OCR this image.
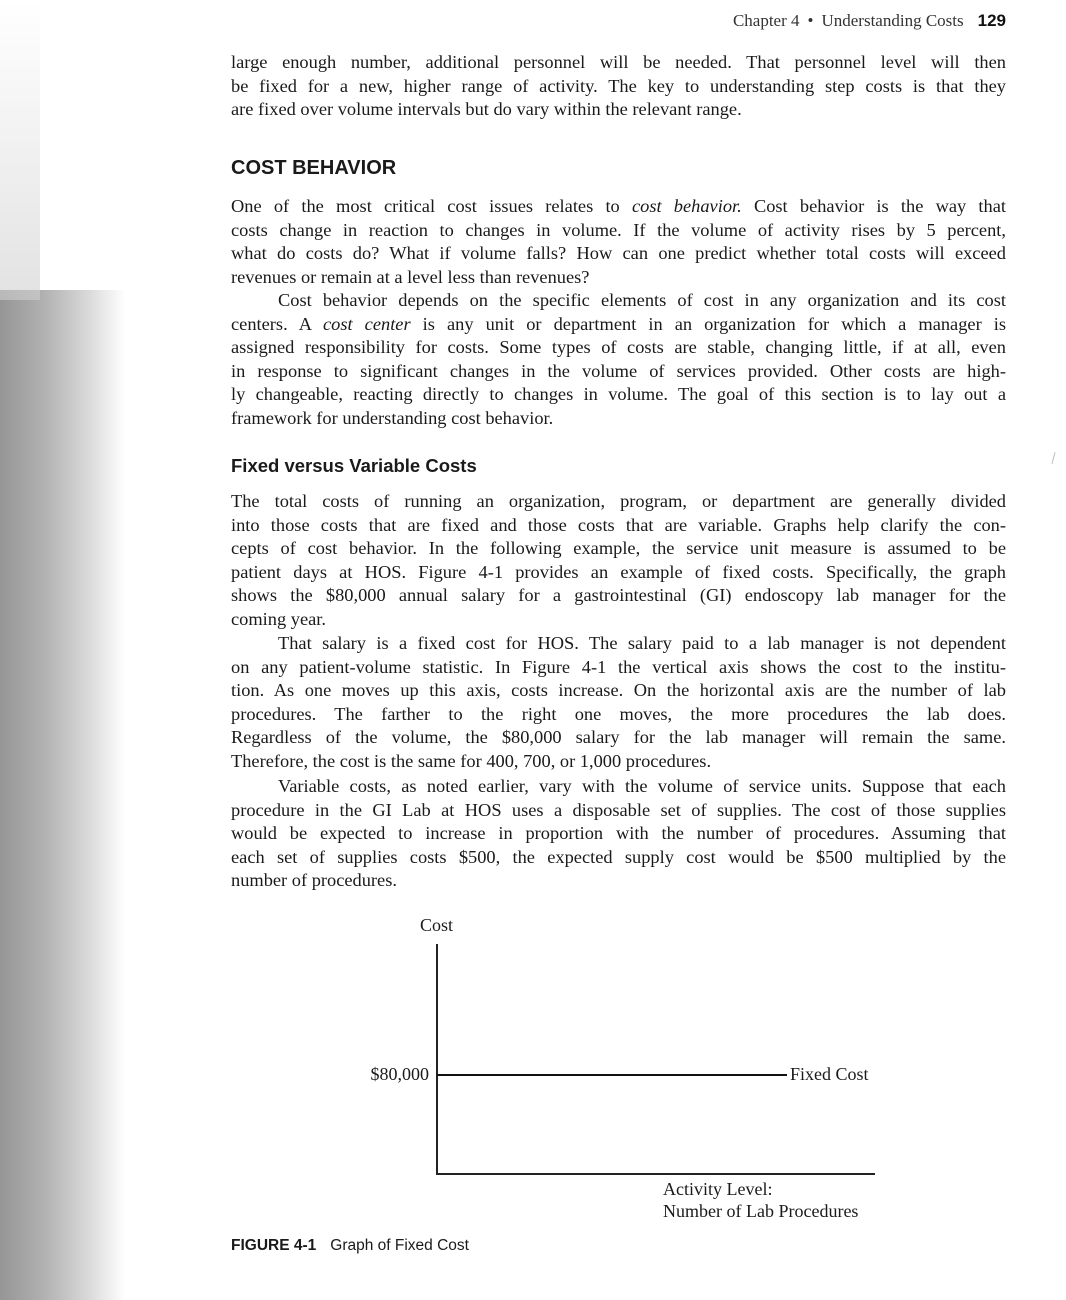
Chapter 4 • Understanding Costs 129
large enough number, additional personnel will be needed. That personnel level will then
be fixed for a new, higher range of activity. The key to understanding step costs is that they
are fixed over volume intervals but do vary within the relevant range.
COST BEHAVIOR
One of the most critical cost issues relates to cost behavior. Cost behavior is the way that
costs change in reaction to changes in volume. If the volume of activity rises by 5 percent,
what do costs do? What if volume falls? How can one predict whether total costs will exceed
revenues or remain at a level less than revenues?
Cost behavior depends on the specific elements of cost in any organization and its cost
centers. A cost center is any unit or department in an organization for which a manager is
assigned responsibility for costs. Some types of costs are stable, changing little, if at all, even
in response to significant changes in the volume of services provided. Other costs are high-
ly changeable, reacting directly to changes in volume. The goal of this section is to lay out a
framework for understanding cost behavior.
Fixed versus Variable Costs
The total costs of running an organization, program, or department are generally divided
into those costs that are fixed and those costs that are variable. Graphs help clarify the con-
cepts of cost behavior. In the following example, the service unit measure is assumed to be
patient days at HOS. Figure 4-1 provides an example of fixed costs. Specifically, the graph
shows the $80,000 annual salary for a gastrointestinal (GI) endoscopy lab manager for the
coming year.
That salary is a fixed cost for HOS. The salary paid to a lab manager is not dependent
on any patient-volume statistic. In Figure 4-1 the vertical axis shows the cost to the institu-
tion. As one moves up this axis, costs increase. On the horizontal axis are the number of lab
procedures. The farther to the right one moves, the more procedures the lab does.
Regardless of the volume, the $80,000 salary for the lab manager will remain the same.
Therefore, the cost is the same for 400, 700, or 1,000 procedures.
Variable costs, as noted earlier, vary with the volume of service units. Suppose that each
procedure in the GI Lab at HOS uses a disposable set of supplies. The cost of those supplies
would be expected to increase in proportion with the number of procedures. Assuming that
each set of supplies costs $500, the expected supply cost would be $500 multiplied by the
number of procedures.
Cost
$80,000	Fixed Cost
Activity Level:
Number of Lab Procedures
FIGURE 4-1 Graph of Fixed Cost
